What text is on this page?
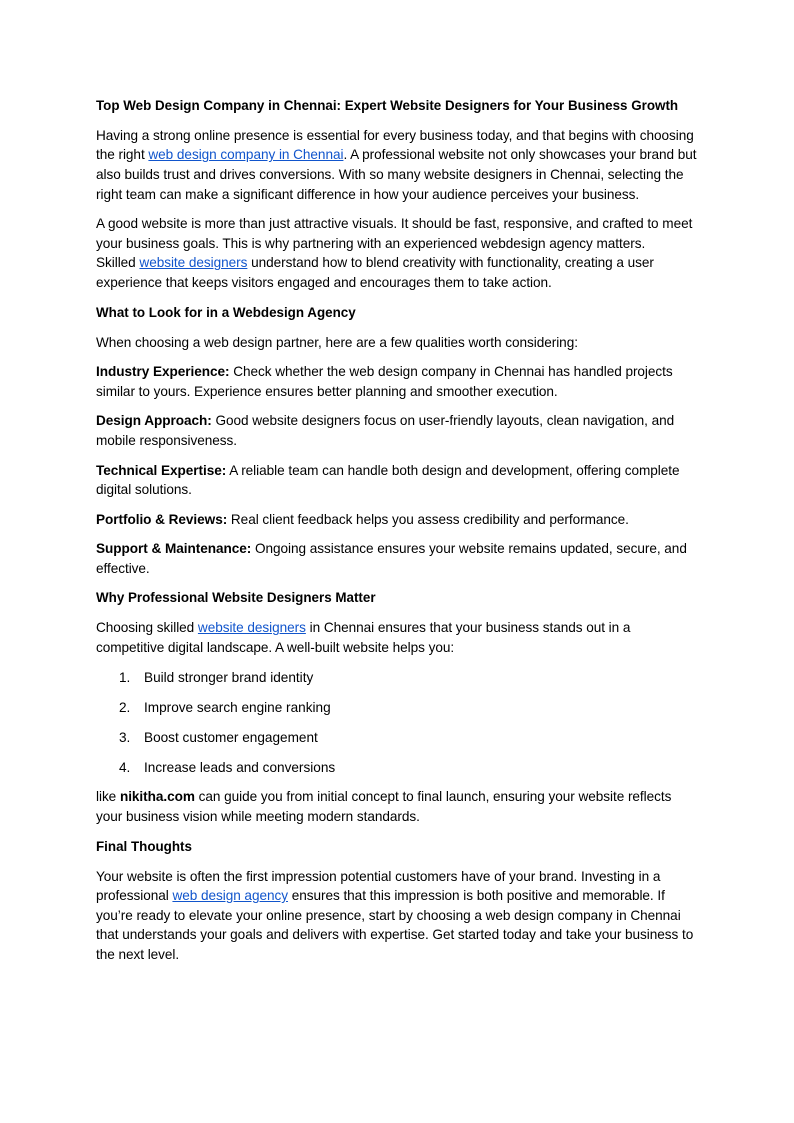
Top Web Design Company in Chennai: Expert Website Designers for Your Business Growth

Having a strong online presence is essential for every business today, and that begins with choosing the right web design company in Chennai. A professional website not only showcases your brand but also builds trust and drives conversions. With so many website designers in Chennai, selecting the right team can make a significant difference in how your audience perceives your business.

A good website is more than just attractive visuals. It should be fast, responsive, and crafted to meet your business goals. This is why partnering with an experienced webdesign agency matters.
Skilled website designers understand how to blend creativity with functionality, creating a user experience that keeps visitors engaged and encourages them to take action.

What to Look for in a Webdesign Agency

When choosing a web design partner, here are a few qualities worth considering:

Industry Experience: Check whether the web design company in Chennai has handled projects similar to yours. Experience ensures better planning and smoother execution.

Design Approach: Good website designers focus on user-friendly layouts, clean navigation, and mobile responsiveness.

Technical Expertise: A reliable team can handle both design and development, offering complete digital solutions.

Portfolio & Reviews: Real client feedback helps you assess credibility and performance.

Support & Maintenance: Ongoing assistance ensures your website remains updated, secure, and effective.

Why Professional Website Designers Matter

Choosing skilled website designers in Chennai ensures that your business stands out in a competitive digital landscape. A well-built website helps you:

1. Build stronger brand identity
2. Improve search engine ranking
3. Boost customer engagement
4. Increase leads and conversions

like nikitha.com can guide you from initial concept to final launch, ensuring your website reflects your business vision while meeting modern standards.

Final Thoughts

Your website is often the first impression potential customers have of your brand. Investing in a professional web design agency ensures that this impression is both positive and memorable. If you’re ready to elevate your online presence, start by choosing a web design company in Chennai that understands your goals and delivers with expertise. Get started today and take your business to the next level.
